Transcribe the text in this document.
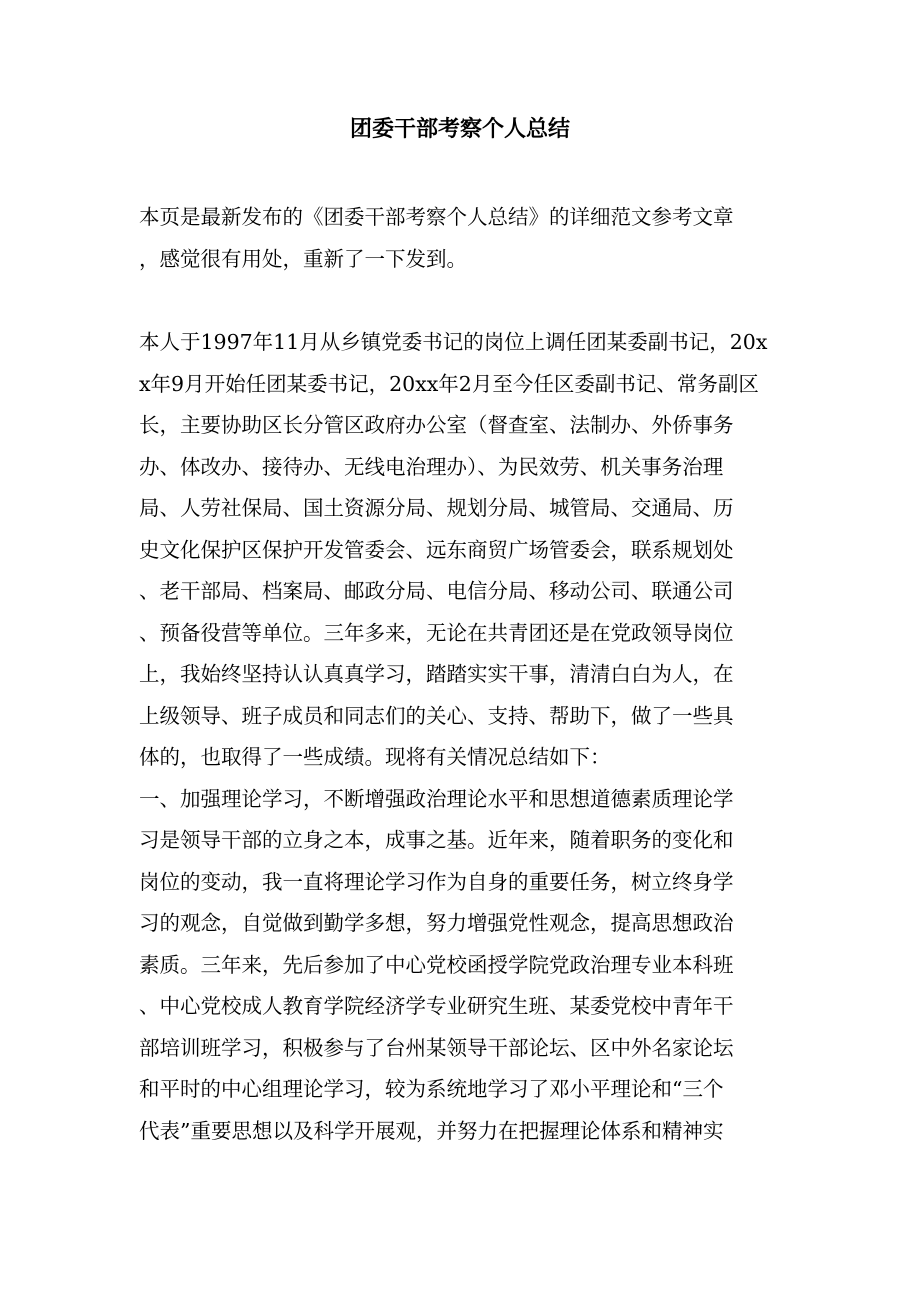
团委干部考察个人总结
本页是最新发布的《团委干部考察个人总结》的详细范文参考文章
，感觉很有用处，重新了一下发到。
本人于1997年11月从乡镇党委书记的岗位上调任团某委副书记，20x
x年9月开始任团某委书记，20xx年2月至今任区委副书记、常务副区
长，主要协助区长分管区政府办公室（督查室、法制办、外侨事务
办、体改办、接待办、无线电治理办）、为民效劳、机关事务治理
局、人劳社保局、国土资源分局、规划分局、城管局、交通局、历
史文化保护区保护开发管委会、远东商贸广场管委会，联系规划处
、老干部局、档案局、邮政分局、电信分局、移动公司、联通公司
、预备役营等单位。三年多来，无论在共青团还是在党政领导岗位
上，我始终坚持认认真真学习，踏踏实实干事，清清白白为人，在
上级领导、班子成员和同志们的关心、支持、帮助下，做了一些具
体的，也取得了一些成绩。现将有关情况总结如下：
一、加强理论学习，不断增强政治理论水平和思想道德素质理论学
习是领导干部的立身之本，成事之基。近年来，随着职务的变化和
岗位的变动，我一直将理论学习作为自身的重要任务，树立终身学
习的观念，自觉做到勤学多想，努力增强党性观念，提高思想政治
素质。三年来，先后参加了中心党校函授学院党政治理专业本科班
、中心党校成人教育学院经济学专业研究生班、某委党校中青年干
部培训班学习，积极参与了台州某领导干部论坛、区中外名家论坛
和平时的中心组理论学习，较为系统地学习了邓小平理论和“三个
代表”重要思想以及科学开展观，并努力在把握理论体系和精神实
